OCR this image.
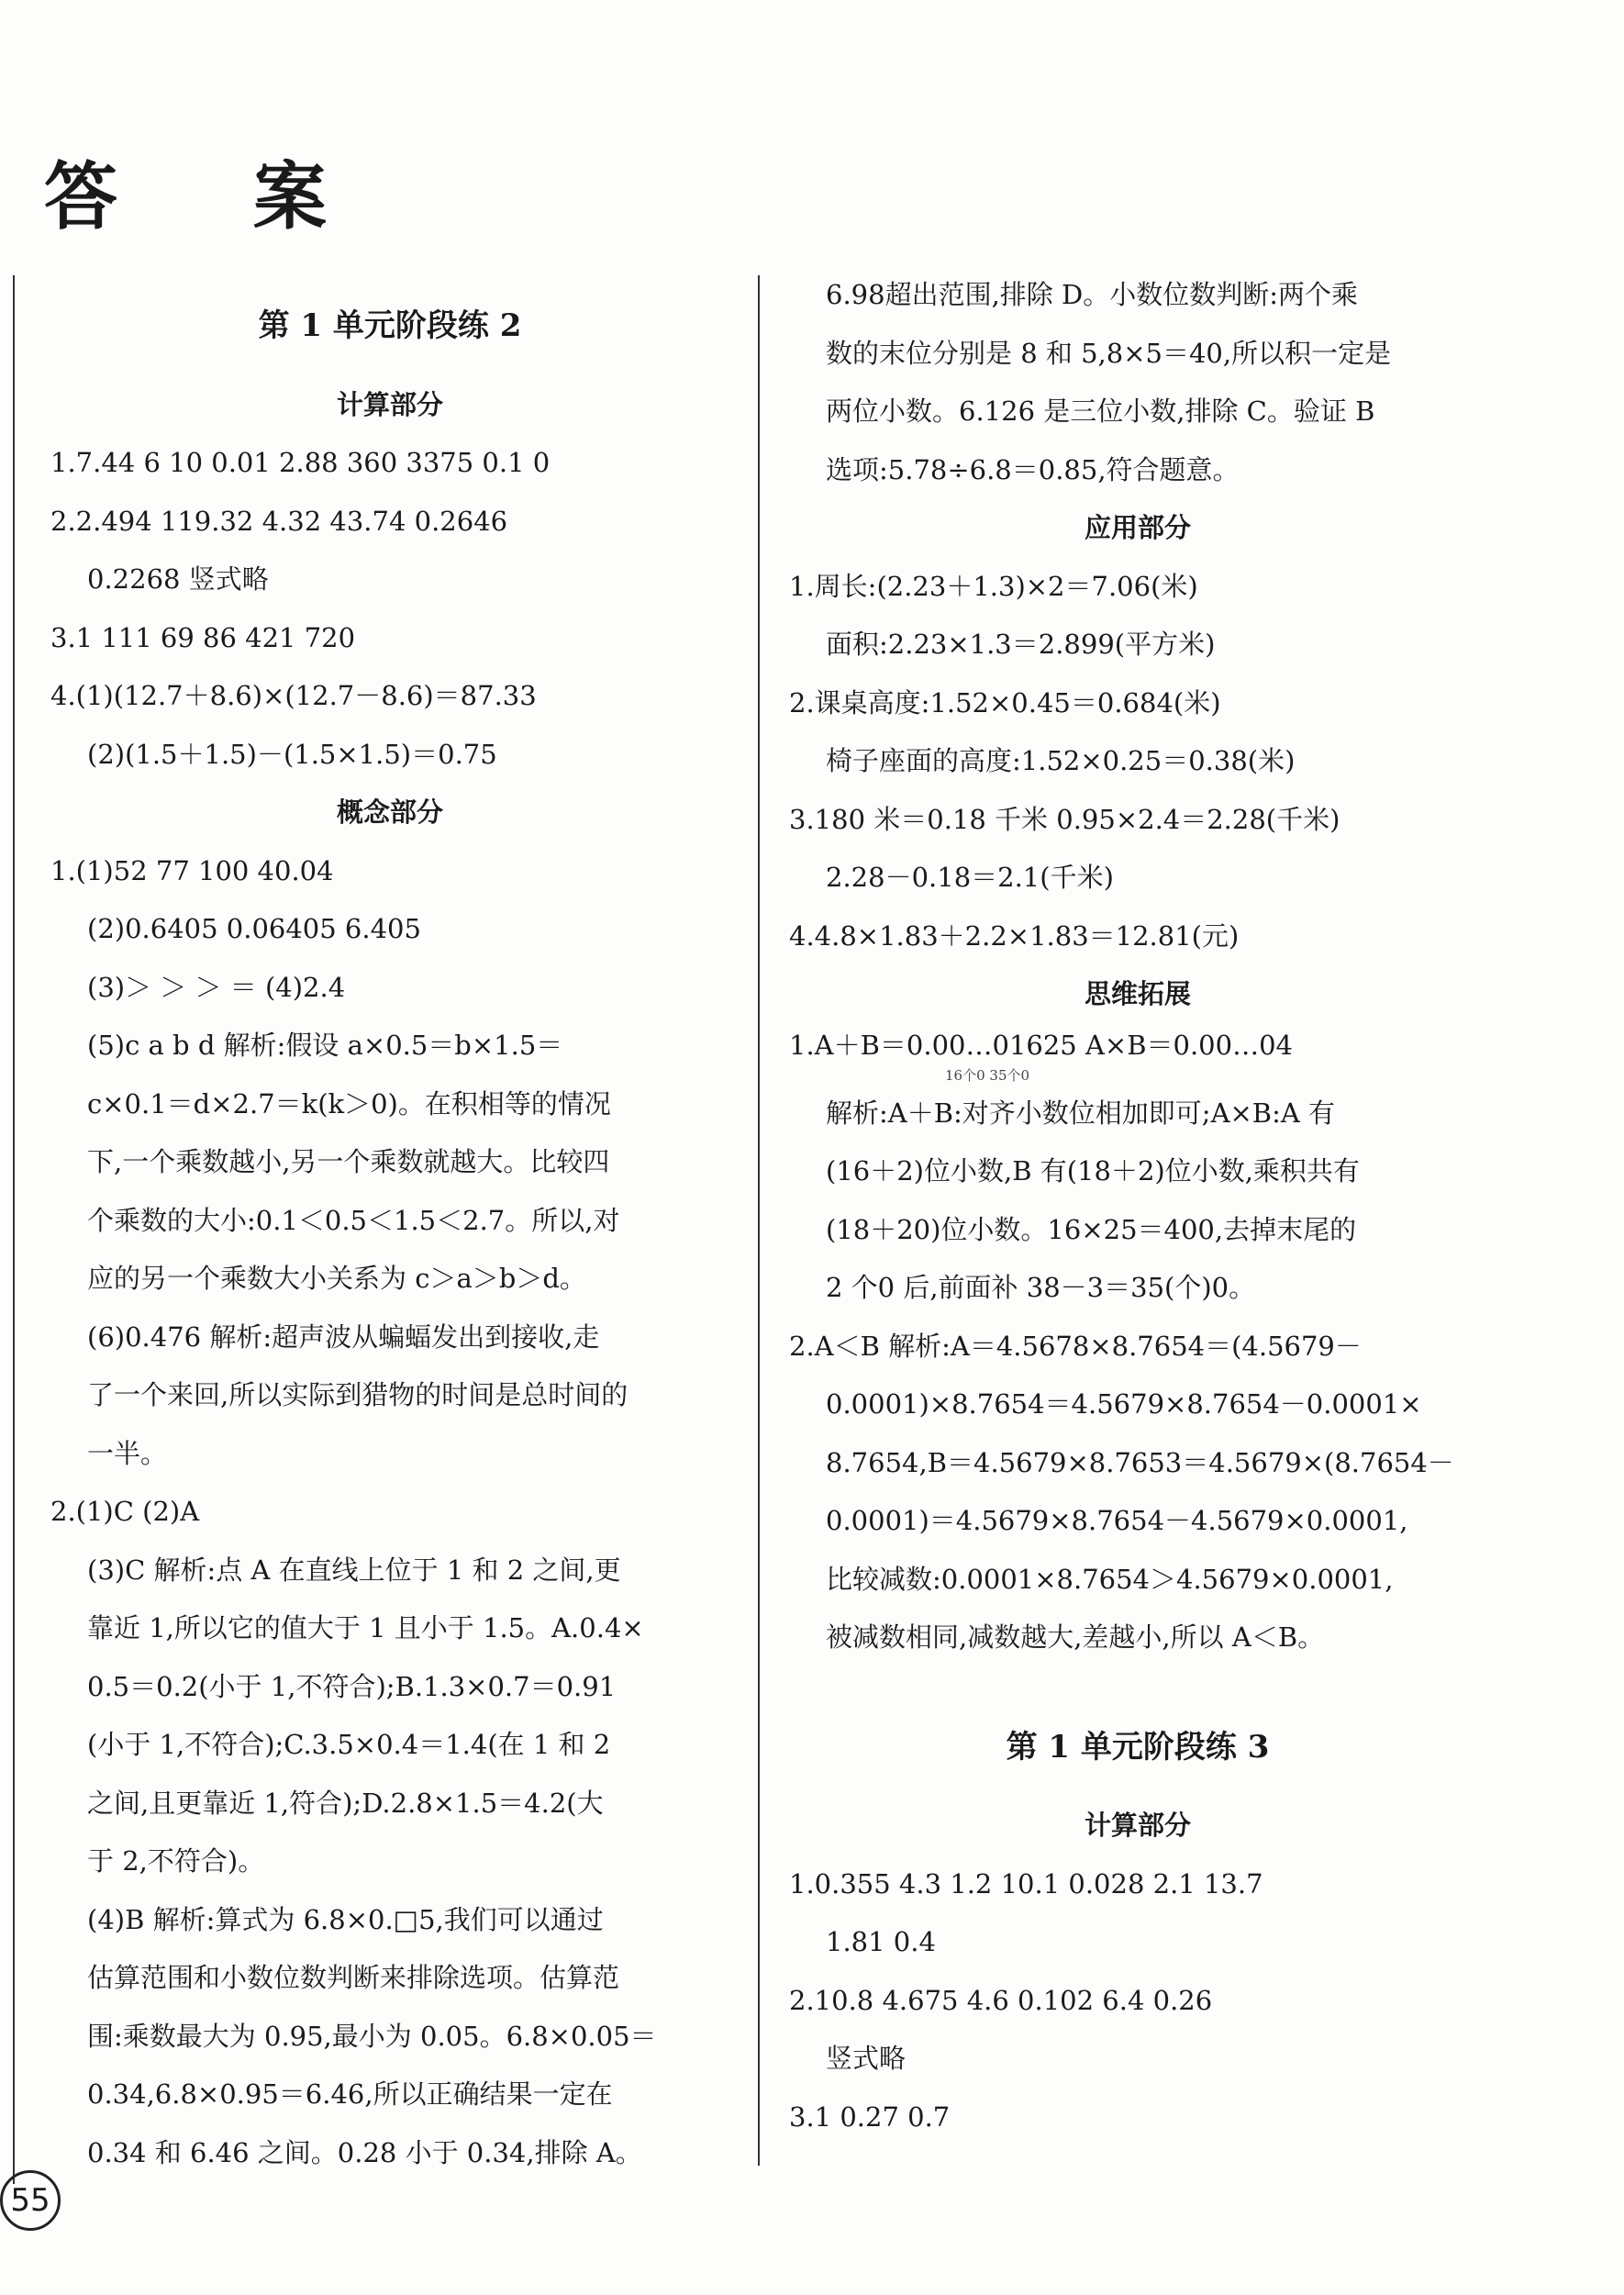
答 案
第 1 单元阶段练 2
计算部分
1.7.44 6 10 0.01 2.88 360 3375 0.1 0
2.2.494 119.32 4.32 43.74 0.2646
0.2268 竖式略
3.1 111 69 86 421 720
4.(1)(12.7＋8.6)×(12.7－8.6)＝87.33
(2)(1.5＋1.5)－(1.5×1.5)＝0.75
概念部分
1.(1)52 77 100 40.04
(2)0.6405 0.06405 6.405
(3)＞ ＞ ＞ ＝ (4)2.4
(5)c a b d 解析:假设 a×0.5＝b×1.5＝
c×0.1＝d×2.7＝k(k＞0)。在积相等的情况
下,一个乘数越小,另一个乘数就越大。比较四
个乘数的大小:0.1＜0.5＜1.5＜2.7。所以,对
应的另一个乘数大小关系为 c＞a＞b＞d。
(6)0.476 解析:超声波从蝙蝠发出到接收,走
了一个来回,所以实际到猎物的时间是总时间的
一半。
2.(1)C (2)A
(3)C 解析:点 A 在直线上位于 1 和 2 之间,更
靠近 1,所以它的值大于 1 且小于 1.5。A.0.4×
0.5＝0.2(小于 1,不符合);B.1.3×0.7＝0.91
(小于 1,不符合);C.3.5×0.4＝1.4(在 1 和 2
之间,且更靠近 1,符合);D.2.8×1.5＝4.2(大
于 2,不符合)。
(4)B 解析:算式为 6.8×0.□5,我们可以通过
估算范围和小数位数判断来排除选项。估算范
围:乘数最大为 0.95,最小为 0.05。6.8×0.05＝
0.34,6.8×0.95＝6.46,所以正确结果一定在
0.34 和 6.46 之间。0.28 小于 0.34,排除 A。
6.98超出范围,排除 D。小数位数判断:两个乘
数的末位分别是 8 和 5,8×5＝40,所以积一定是
两位小数。6.126 是三位小数,排除 C。验证 B
选项:5.78÷6.8＝0.85,符合题意。
应用部分
1.周长:(2.23＋1.3)×2＝7.06(米)
面积:2.23×1.3＝2.899(平方米)
2.课桌高度:1.52×0.45＝0.684(米)
椅子座面的高度:1.52×0.25＝0.38(米)
3.180 米＝0.18 千米 0.95×2.4＝2.28(千米)
2.28－0.18＝2.1(千米)
4.4.8×1.83＋2.2×1.83＝12.81(元)
思维拓展
1.A＋B＝0.00…01625 A×B＝0.00…04
16个0 35个0
解析:A＋B:对齐小数位相加即可;A×B:A 有
(16＋2)位小数,B 有(18＋2)位小数,乘积共有
(18＋20)位小数。16×25＝400,去掉末尾的
2 个0 后,前面补 38－3＝35(个)0。
2.A＜B 解析:A＝4.5678×8.7654＝(4.5679－
0.0001)×8.7654＝4.5679×8.7654－0.0001×
8.7654,B＝4.5679×8.7653＝4.5679×(8.7654－
0.0001)＝4.5679×8.7654－4.5679×0.0001,
比较减数:0.0001×8.7654＞4.5679×0.0001,
被减数相同,减数越大,差越小,所以 A＜B。
第 1 单元阶段练 3
计算部分
1.0.355 4.3 1.2 10.1 0.028 2.1 13.7
1.81 0.4
2.10.8 4.675 4.6 0.102 6.4 0.26
竖式略
3.1 0.27 0.7
55
